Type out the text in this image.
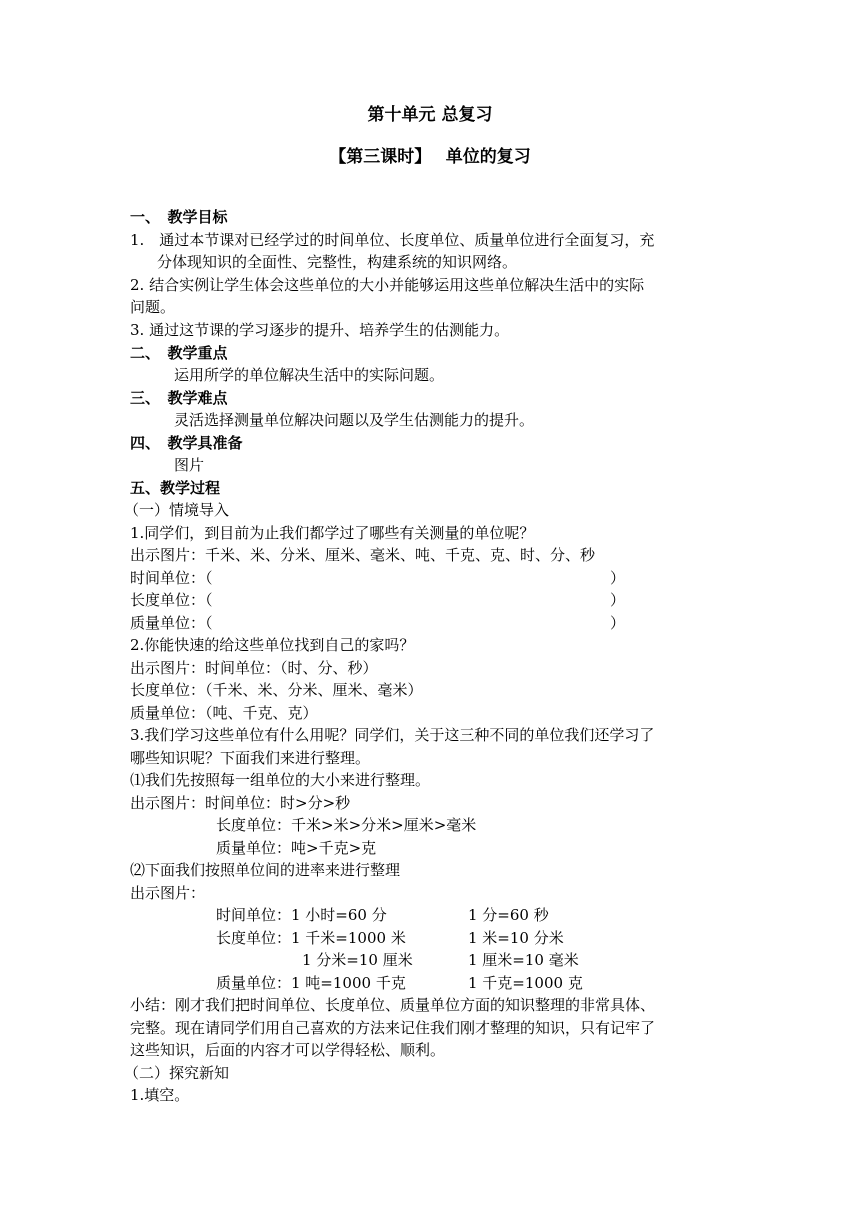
第十单元 总复习
【第三课时】　 单位的复习
一、　教学目标
1.　通过本节课对已经学过的时间单位、长度单位、质量单位进行全面复习，充
分体现知识的全面性、完整性，构建系统的知识网络。
2. 结合实例让学生体会这些单位的大小并能够运用这些单位解决生活中的实际
问题。
3. 通过这节课的学习逐步的提升、培养学生的估测能力。
二、　教学重点
运用所学的单位解决生活中的实际问题。
三、　教学难点
灵活选择测量单位解决问题以及学生估测能力的提升。
四、　教学具准备
图片
五、教学过程
（一）情境导入
1.同学们，到目前为止我们都学过了哪些有关测量的单位呢？
出示图片：千米、米、分米、厘米、毫米、吨、千克、克、时、分、秒
时间单位：（	）
长度单位：（	）
质量单位：（	）
2.你能快速的给这些单位找到自己的家吗？
出示图片：时间单位：（时、分、秒）
长度单位：（千米、米、分米、厘米、毫米）
质量单位：（吨、千克、克）
3.我们学习这些单位有什么用呢？同学们，关于这三种不同的单位我们还学习了
哪些知识呢？下面我们来进行整理。
⑴我们先按照每一组单位的大小来进行整理。
出示图片：时间单位：时>分>秒
长度单位：千米>米>分米>厘米>毫米
质量单位：吨>千克>克
⑵下面我们按照单位间的进率来进行整理
出示图片：
时间单位：1 小时=60 分	1 分=60 秒
长度单位：1 千米=1000 米	1 米=10 分米
1 分米=10 厘米	1 厘米=10 毫米
质量单位：1 吨=1000 千克	1 千克=1000 克
小结：刚才我们把时间单位、长度单位、质量单位方面的知识整理的非常具体、
完整。现在请同学们用自己喜欢的方法来记住我们刚才整理的知识，只有记牢了
这些知识，后面的内容才可以学得轻松、顺利。
（二）探究新知
1.填空。
